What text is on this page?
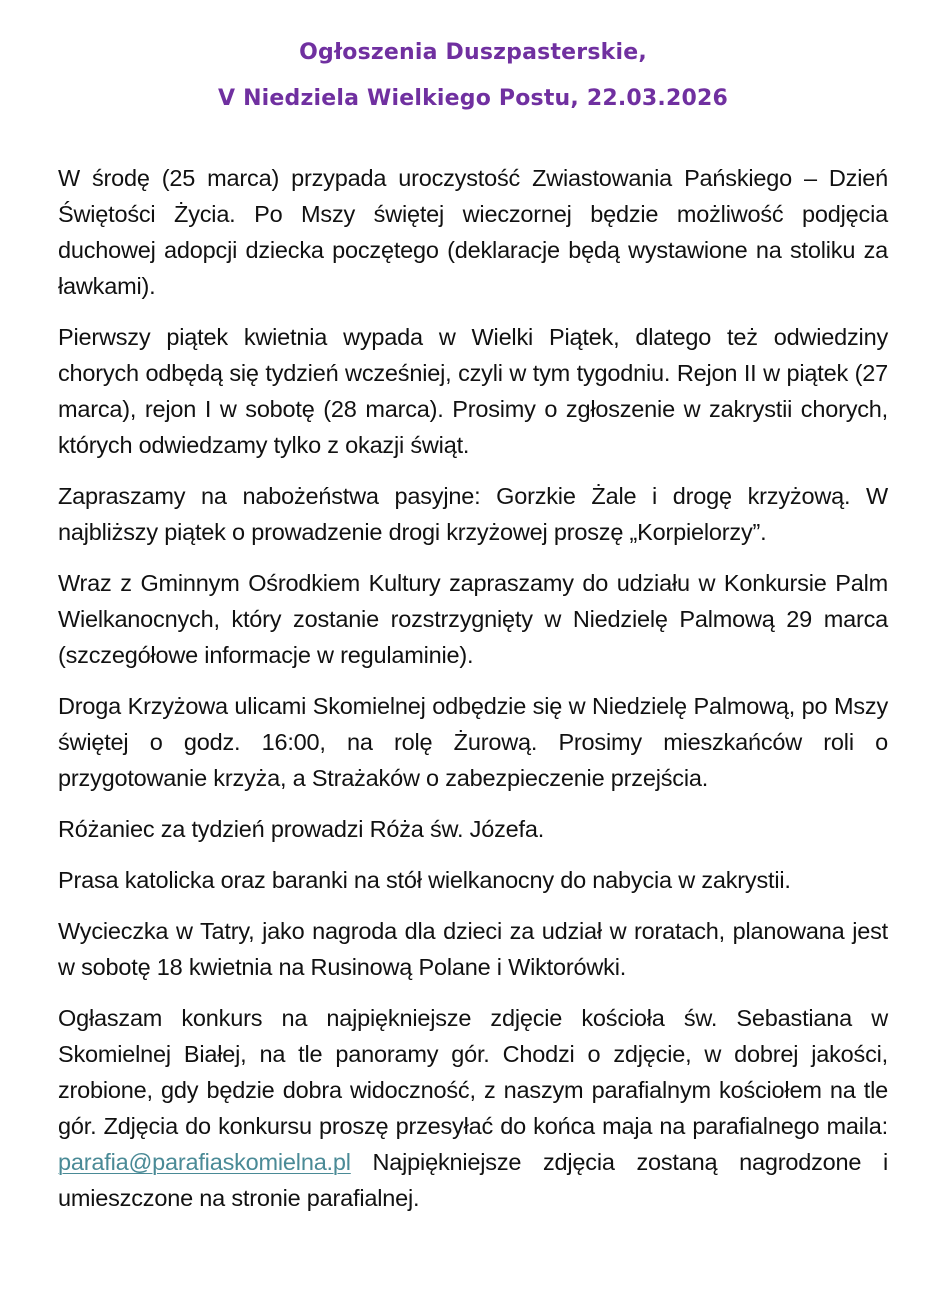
Ogłoszenia Duszpasterskie,
V Niedziela Wielkiego Postu, 22.03.2026

W środę (25 marca) przypada uroczystość Zwiastowania Pańskiego – Dzień Świętości Życia. Po Mszy świętej wieczornej będzie możliwość podjęcia duchowej adopcji dziecka poczętego (deklaracje będą wystawione na stoliku za ławkami).

Pierwszy piątek kwietnia wypada w Wielki Piątek, dlatego też odwiedziny chorych odbędą się tydzień wcześniej, czyli w tym tygodniu. Rejon II w piątek (27 marca), rejon I w sobotę (28 marca). Prosimy o zgłoszenie w zakrystii chorych, których odwiedzamy tylko z okazji świąt.

Zapraszamy na nabożeństwa pasyjne: Gorzkie Żale i drogę krzyżową. W najbliższy piątek o prowadzenie drogi krzyżowej proszę „Korpielorzy”.

Wraz z Gminnym Ośrodkiem Kultury zapraszamy do udziału w Konkursie Palm Wielkanocnych, który zostanie rozstrzygnięty w Niedzielę Palmową 29 marca (szczegółowe informacje w regulaminie).

Droga Krzyżowa ulicami Skomielnej odbędzie się w Niedzielę Palmową, po Mszy świętej o godz. 16:00, na rolę Żurową. Prosimy mieszkańców roli o przygotowanie krzyża, a Strażaków o zabezpieczenie przejścia.

Różaniec za tydzień prowadzi Róża św. Józefa.

Prasa katolicka oraz baranki na stół wielkanocny do nabycia w zakrystii.

Wycieczka w Tatry, jako nagroda dla dzieci za udział w roratach, planowana jest w sobotę 18 kwietnia na Rusinową Polane i Wiktorówki.

Ogłaszam konkurs na najpiękniejsze zdjęcie kościoła św. Sebastiana w Skomielnej Białej, na tle panoramy gór. Chodzi o zdjęcie, w dobrej jakości, zrobione, gdy będzie dobra widoczność, z naszym parafialnym kościołem na tle gór. Zdjęcia do konkursu proszę przesyłać do końca maja na parafialnego maila: parafia@parafiaskomielna.pl Najpiękniejsze zdjęcia zostaną nagrodzone i umieszczone na stronie parafialnej.
